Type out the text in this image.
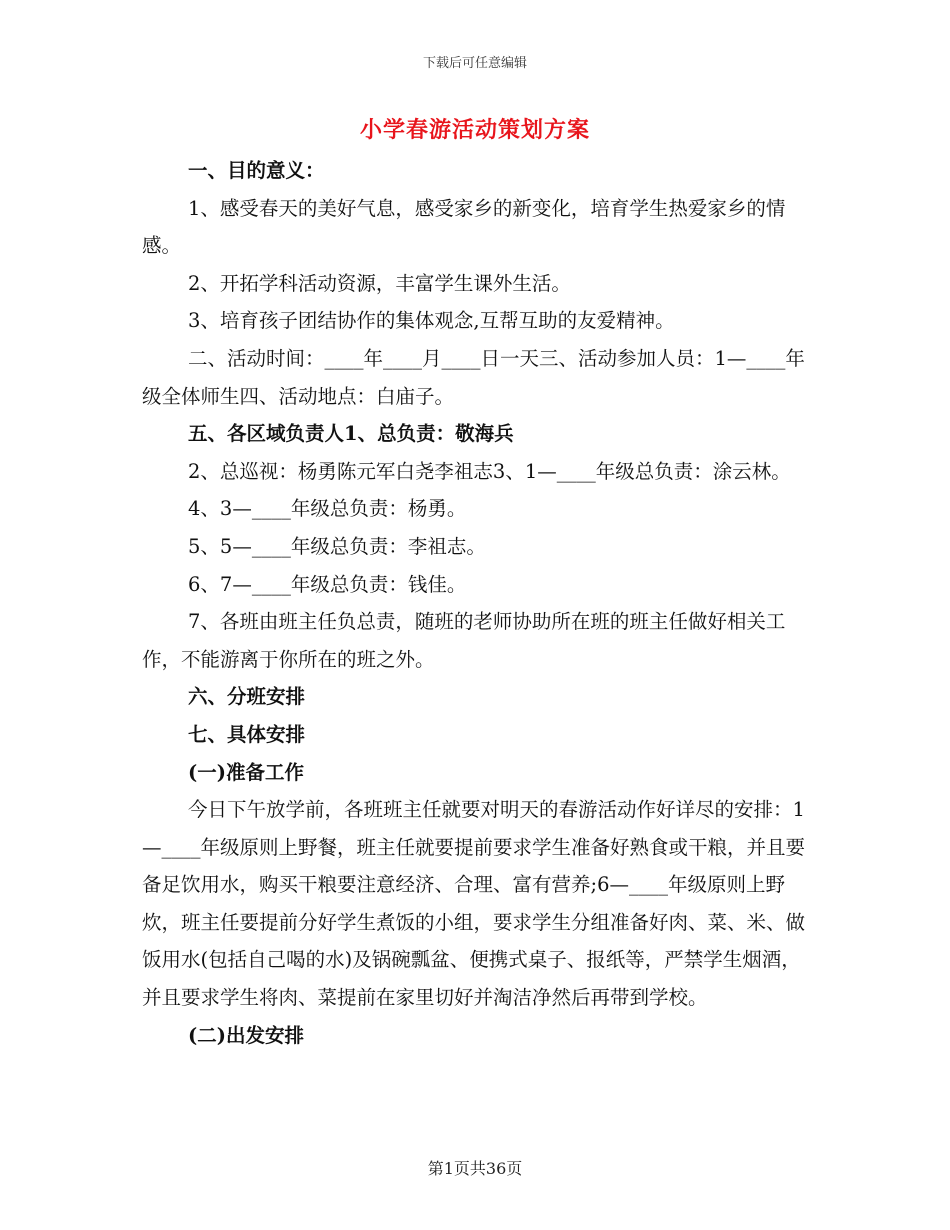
下载后可任意编辑
小学春游活动策划方案

一、目的意义：

1、感受春天的美好气息，感受家乡的新变化，培育学生热爱家乡的情感。

2、开拓学科活动资源，丰富学生课外生活。

3、培育孩子团结协作的集体观念,互帮互助的友爱精神。

二、活动时间：____年____月____日一天三、活动参加人员：1—____年级全体师生四、活动地点：白庙子。

五、各区域负责人1、总负责：敬海兵

2、总巡视：杨勇陈元军白尧李祖志3、1—____年级总负责：涂云林。

4、3—____年级总负责：杨勇。

5、5—____年级总负责：李祖志。

6、7—____年级总负责：钱佳。

7、各班由班主任负总责，随班的老师协助所在班的班主任做好相关工作，不能游离于你所在的班之外。

六、分班安排

七、具体安排

(一)准备工作

今日下午放学前，各班班主任就要对明天的春游活动作好详尽的安排：1—____年级原则上野餐，班主任就要提前要求学生准备好熟食或干粮，并且要备足饮用水，购买干粮要注意经济、合理、富有营养;6—____年级原则上野炊，班主任要提前分好学生煮饭的小组，要求学生分组准备好肉、菜、米、做饭用水(包括自己喝的水)及锅碗瓢盆、便携式桌子、报纸等，严禁学生烟酒，并且要求学生将肉、菜提前在家里切好并淘洁净然后再带到学校。

(二)出发安排

第1页共36页
